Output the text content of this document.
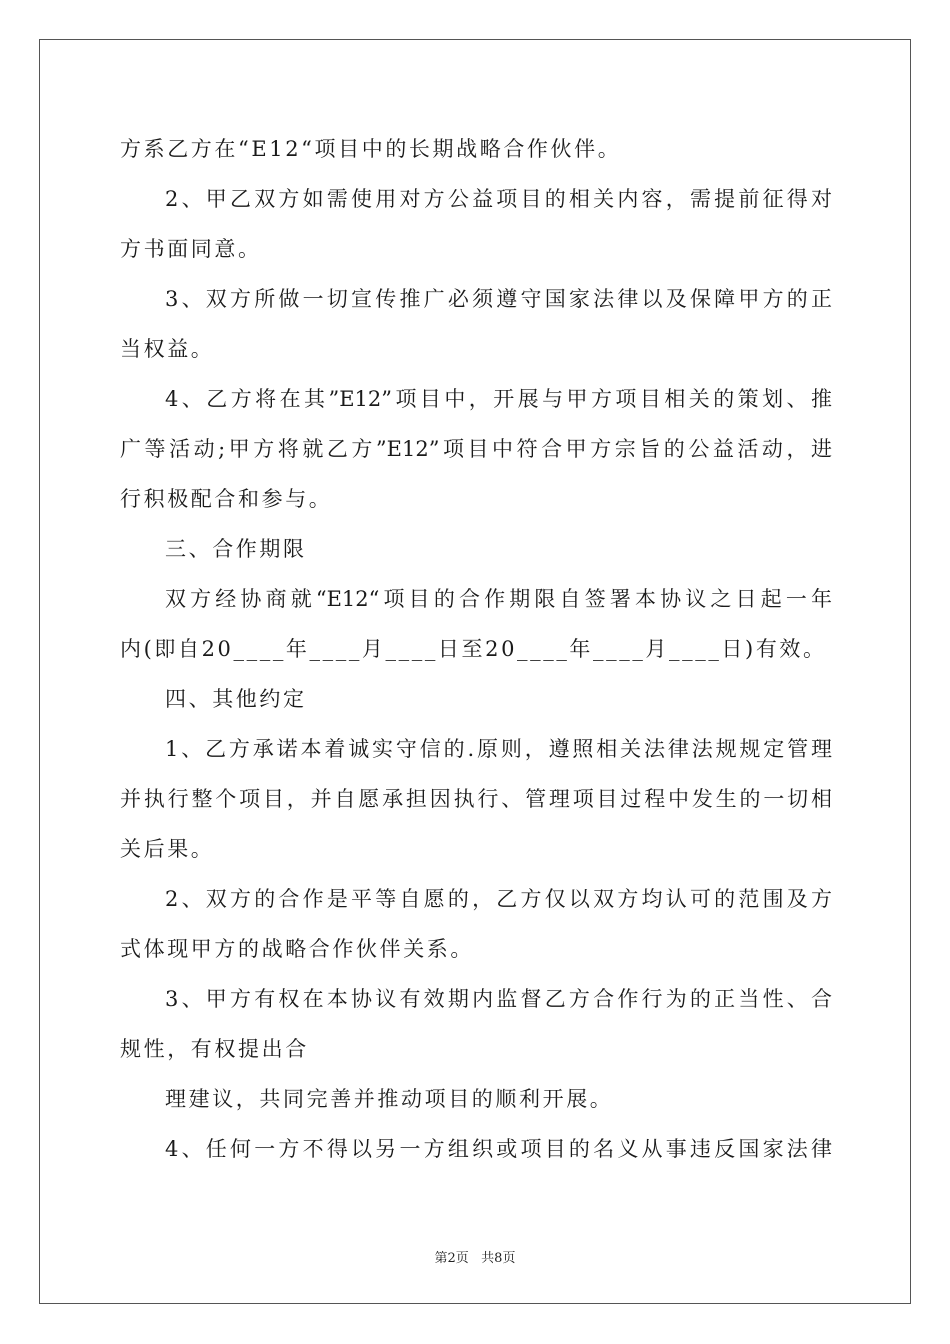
方系乙方在“E12“项目中的长期战略合作伙伴。
2、甲乙双方如需使用对方公益项目的相关内容，需提前征得对
方书面同意。
3、双方所做一切宣传推广必须遵守国家法律以及保障甲方的正
当权益。
4、乙方将在其”E12”项目中，开展与甲方项目相关的策划、推
广等活动;甲方将就乙方”E12”项目中符合甲方宗旨的公益活动，进
行积极配合和参与。
三、合作期限
双方经协商就“E12“项目的合作期限自签署本协议之日起一年
内(即自20____年____月____日至20____年____月____日)有效。
四、其他约定
1、乙方承诺本着诚实守信的.原则，遵照相关法律法规规定管理
并执行整个项目，并自愿承担因执行、管理项目过程中发生的一切相
关后果。
2、双方的合作是平等自愿的，乙方仅以双方均认可的范围及方
式体现甲方的战略合作伙伴关系。
3、甲方有权在本协议有效期内监督乙方合作行为的正当性、合
规性，有权提出合
理建议，共同完善并推动项目的顺利开展。
4、任何一方不得以另一方组织或项目的名义从事违反国家法律
第2页   共8页
